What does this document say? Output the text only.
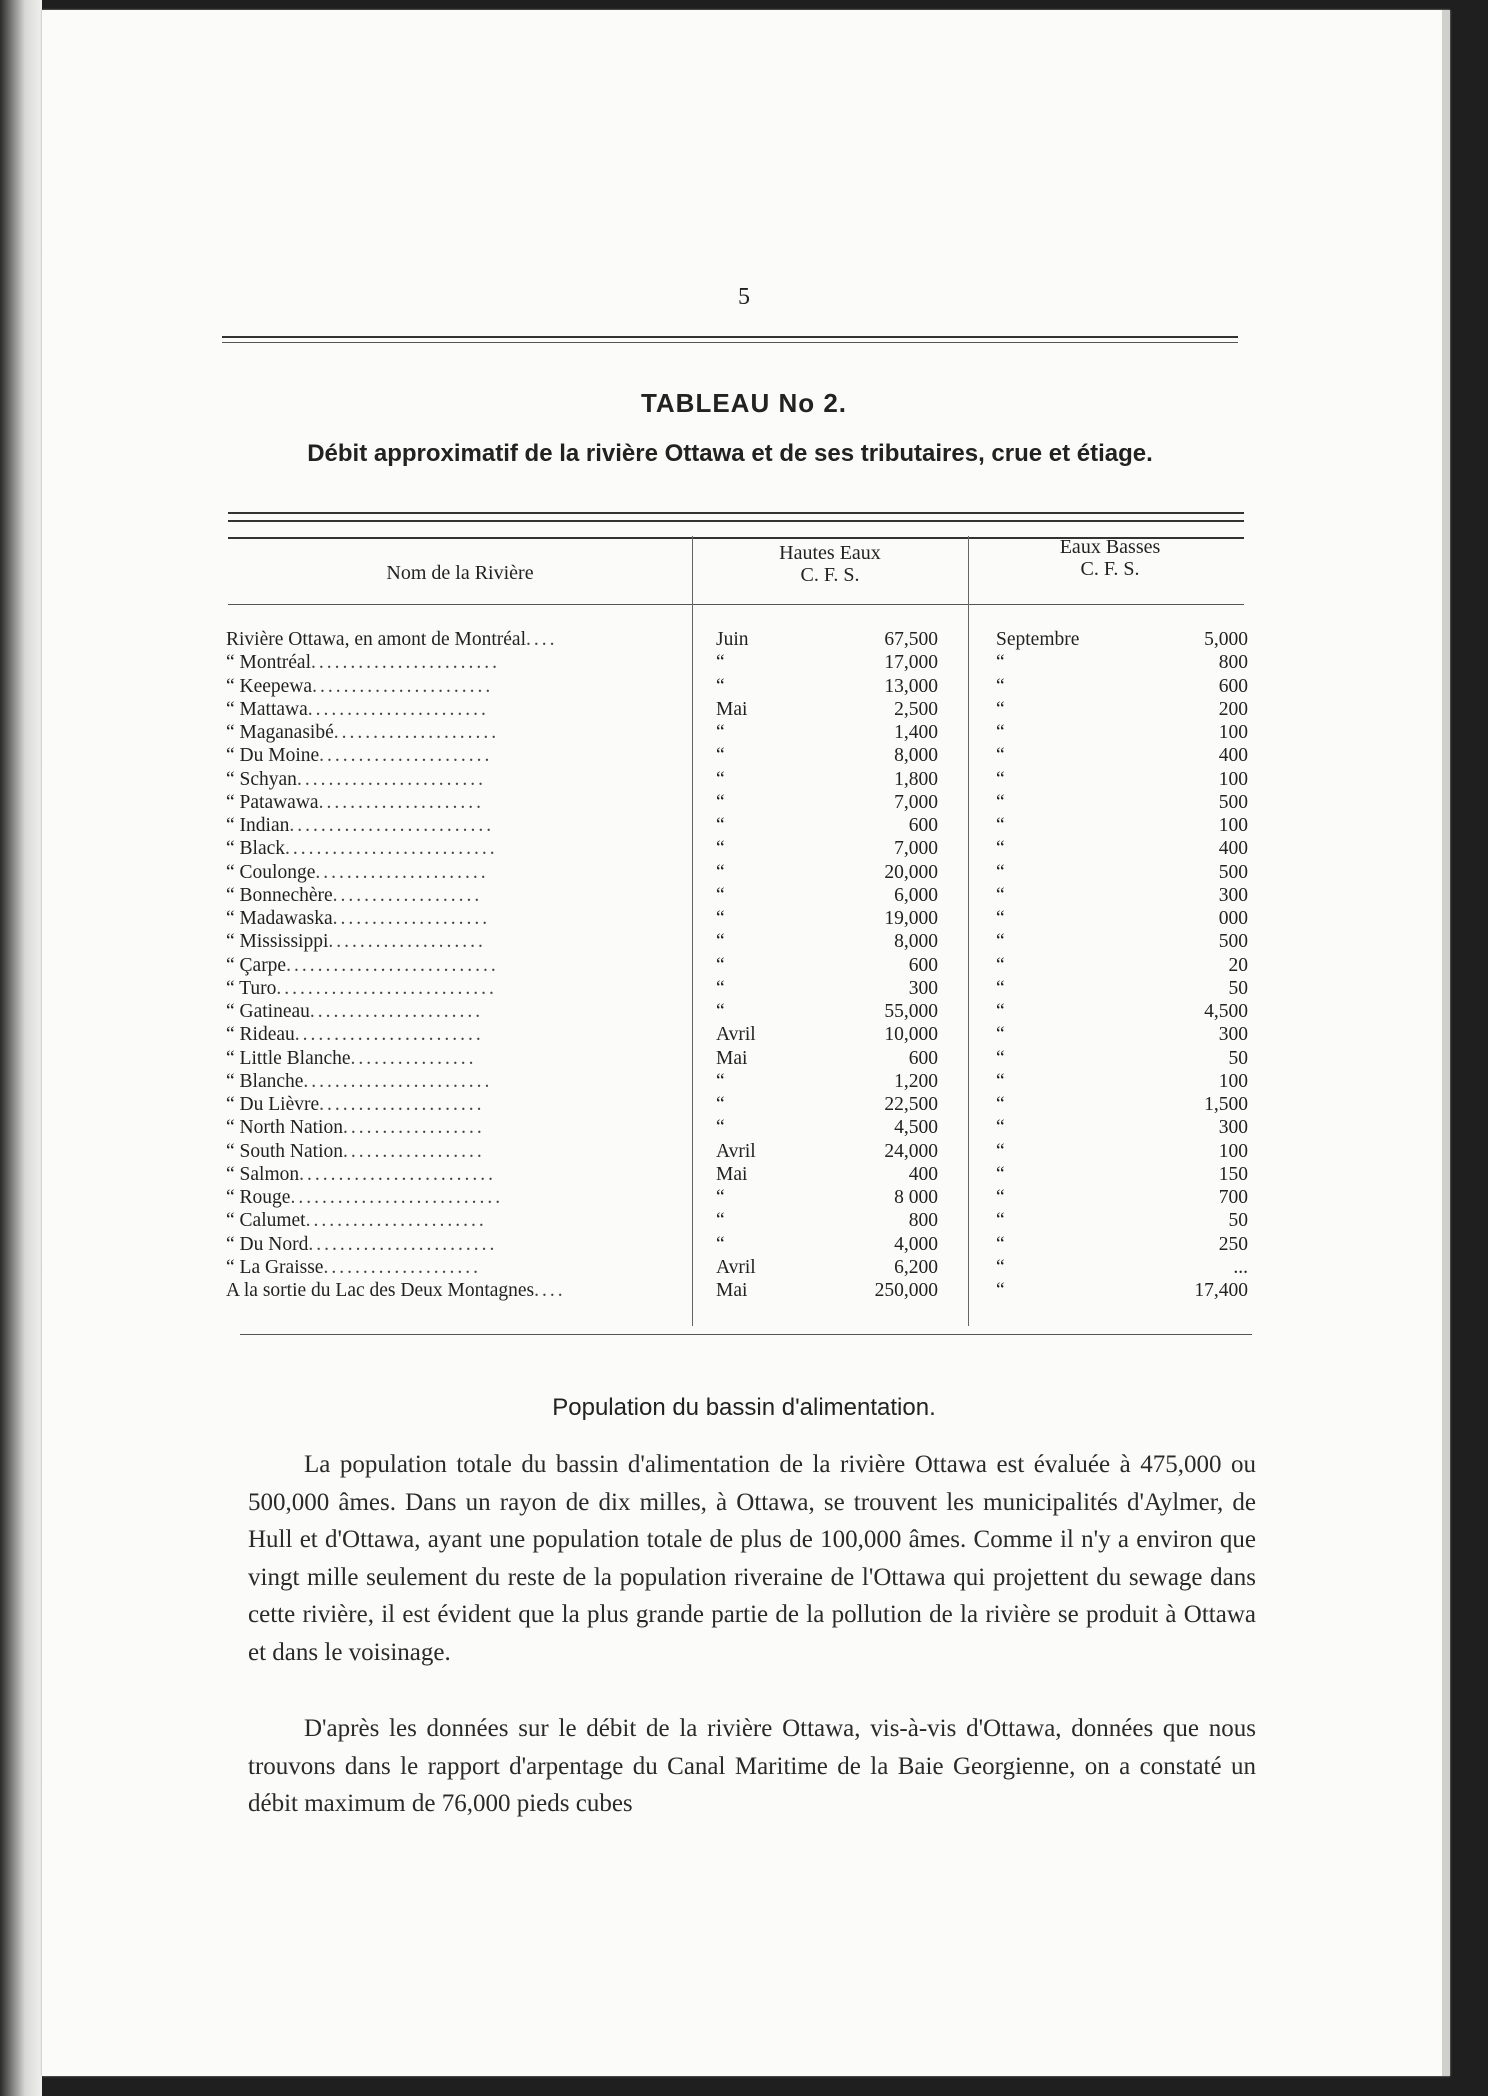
5
TABLEAU No 2.
Débit approximatif de la rivière Ottawa et de ses tributaires, crue et étiage.
Nom de la Rivière
Hautes Eaux
C. F. S.
Eaux Basses
C. F. S.
Rivière Ottawa, en amont de Montréal....	Juin	67,500	Septembre	5,000
“ Montréal........................	“	17,000	“	800
“ Keepewa.......................	“	13,000	“	600
“ Mattawa.......................	Mai	2,500	“	200
“ Maganasibé.....................	“	1,400	“	100
“ Du Moine......................	“	8,000	“	400
“ Schyan........................	“	1,800	“	100
“ Patawawa.....................	“	7,000	“	500
“ Indian..........................	“	600	“	100
“ Black...........................	“	7,000	“	400
“ Coulonge......................	“	20,000	“	500
“ Bonnechère...................	“	6,000	“	300
“ Madawaska....................	“	19,000	“	000
“ Mississippi....................	“	8,000	“	500
“ Çarpe...........................	“	600	“	20
“ Turo............................	“	300	“	50
“ Gatineau......................	“	55,000	“	4,500
“ Rideau........................	Avril	10,000	“	300
“ Little Blanche................	Mai	600	“	50
“ Blanche........................	“	1,200	“	100
“ Du Lièvre.....................	“	22,500	“	1,500
“ North Nation..................	“	4,500	“	300
“ South Nation..................	Avril	24,000	“	100
“ Salmon.........................	Mai	400	“	150
“ Rouge...........................	“	8 000	“	700
“ Calumet.......................	“	800	“	50
“ Du Nord........................	“	4,000	“	250
“ La Graisse....................	Avril	6,200	“	...
A la sortie du Lac des Deux Montagnes....	Mai	250,000	“	17,400
Population du bassin d'alimentation.
La population totale du bassin d'alimentation de la rivière Ottawa est évaluée à 475,000 ou 500,000 âmes. Dans un rayon de dix milles, à Ottawa, se trouvent les municipalités d'Aylmer, de Hull et d'Ottawa, ayant une population totale de plus de 100,000 âmes. Comme il n'y a environ que vingt mille seulement du reste de la population riveraine de l'Ottawa qui projettent du sewage dans cette rivière, il est évident que la plus grande partie de la pollution de la rivière se produit à Ottawa et dans le voisinage.
D'après les données sur le débit de la rivière Ottawa, vis-à-vis d'Ottawa, données que nous trouvons dans le rapport d'arpentage du Canal Maritime de la Baie Georgienne, on a constaté un débit maximum de 76,000 pieds cubes
